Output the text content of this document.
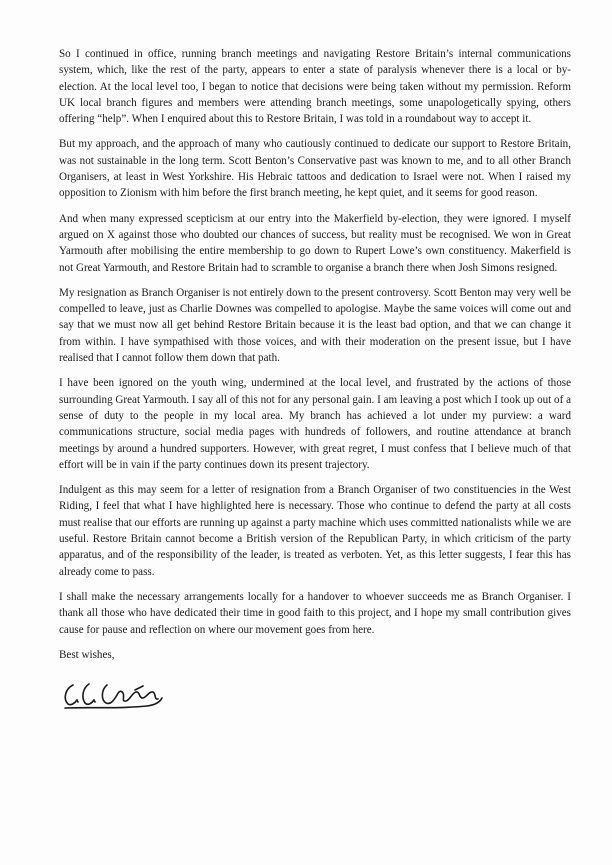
So I continued in office, running branch meetings and navigating Restore Britain’s internal communications system, which, like the rest of the party, appears to enter a state of paralysis whenever there is a local or by-election. At the local level too, I began to notice that decisions were being taken without my permission. Reform UK local branch figures and members were attending branch meetings, some unapologetically spying, others offering “help”. When I enquired about this to Restore Britain, I was told in a roundabout way to accept it.

But my approach, and the approach of many who cautiously continued to dedicate our support to Restore Britain, was not sustainable in the long term. Scott Benton’s Conservative past was known to me, and to all other Branch Organisers, at least in West Yorkshire. His Hebraic tattoos and dedication to Israel were not. When I raised my opposition to Zionism with him before the first branch meeting, he kept quiet, and it seems for good reason.

And when many expressed scepticism at our entry into the Makerfield by-election, they were ignored. I myself argued on X against those who doubted our chances of success, but reality must be recognised. We won in Great Yarmouth after mobilising the entire membership to go down to Rupert Lowe’s own constituency. Makerfield is not Great Yarmouth, and Restore Britain had to scramble to organise a branch there when Josh Simons resigned.

My resignation as Branch Organiser is not entirely down to the present controversy. Scott Benton may very well be compelled to leave, just as Charlie Downes was compelled to apologise. Maybe the same voices will come out and say that we must now all get behind Restore Britain because it is the least bad option, and that we can change it from within. I have sympathised with those voices, and with their moderation on the present issue, but I have realised that I cannot follow them down that path.

I have been ignored on the youth wing, undermined at the local level, and frustrated by the actions of those surrounding Great Yarmouth. I say all of this not for any personal gain. I am leaving a post which I took up out of a sense of duty to the people in my local area. My branch has achieved a lot under my purview: a ward communications structure, social media pages with hundreds of followers, and routine attendance at branch meetings by around a hundred supporters. However, with great regret, I must confess that I believe much of that effort will be in vain if the party continues down its present trajectory.

Indulgent as this may seem for a letter of resignation from a Branch Organiser of two constituencies in the West Riding, I feel that what I have highlighted here is necessary. Those who continue to defend the party at all costs must realise that our efforts are running up against a party machine which uses committed nationalists while we are useful. Restore Britain cannot become a British version of the Republican Party, in which criticism of the party apparatus, and of the responsibility of the leader, is treated as verboten. Yet, as this letter suggests, I fear this has already come to pass.

I shall make the necessary arrangements locally for a handover to whoever succeeds me as Branch Organiser. I thank all those who have dedicated their time in good faith to this project, and I hope my small contribution gives cause for pause and reflection on where our movement goes from here.

Best wishes,
